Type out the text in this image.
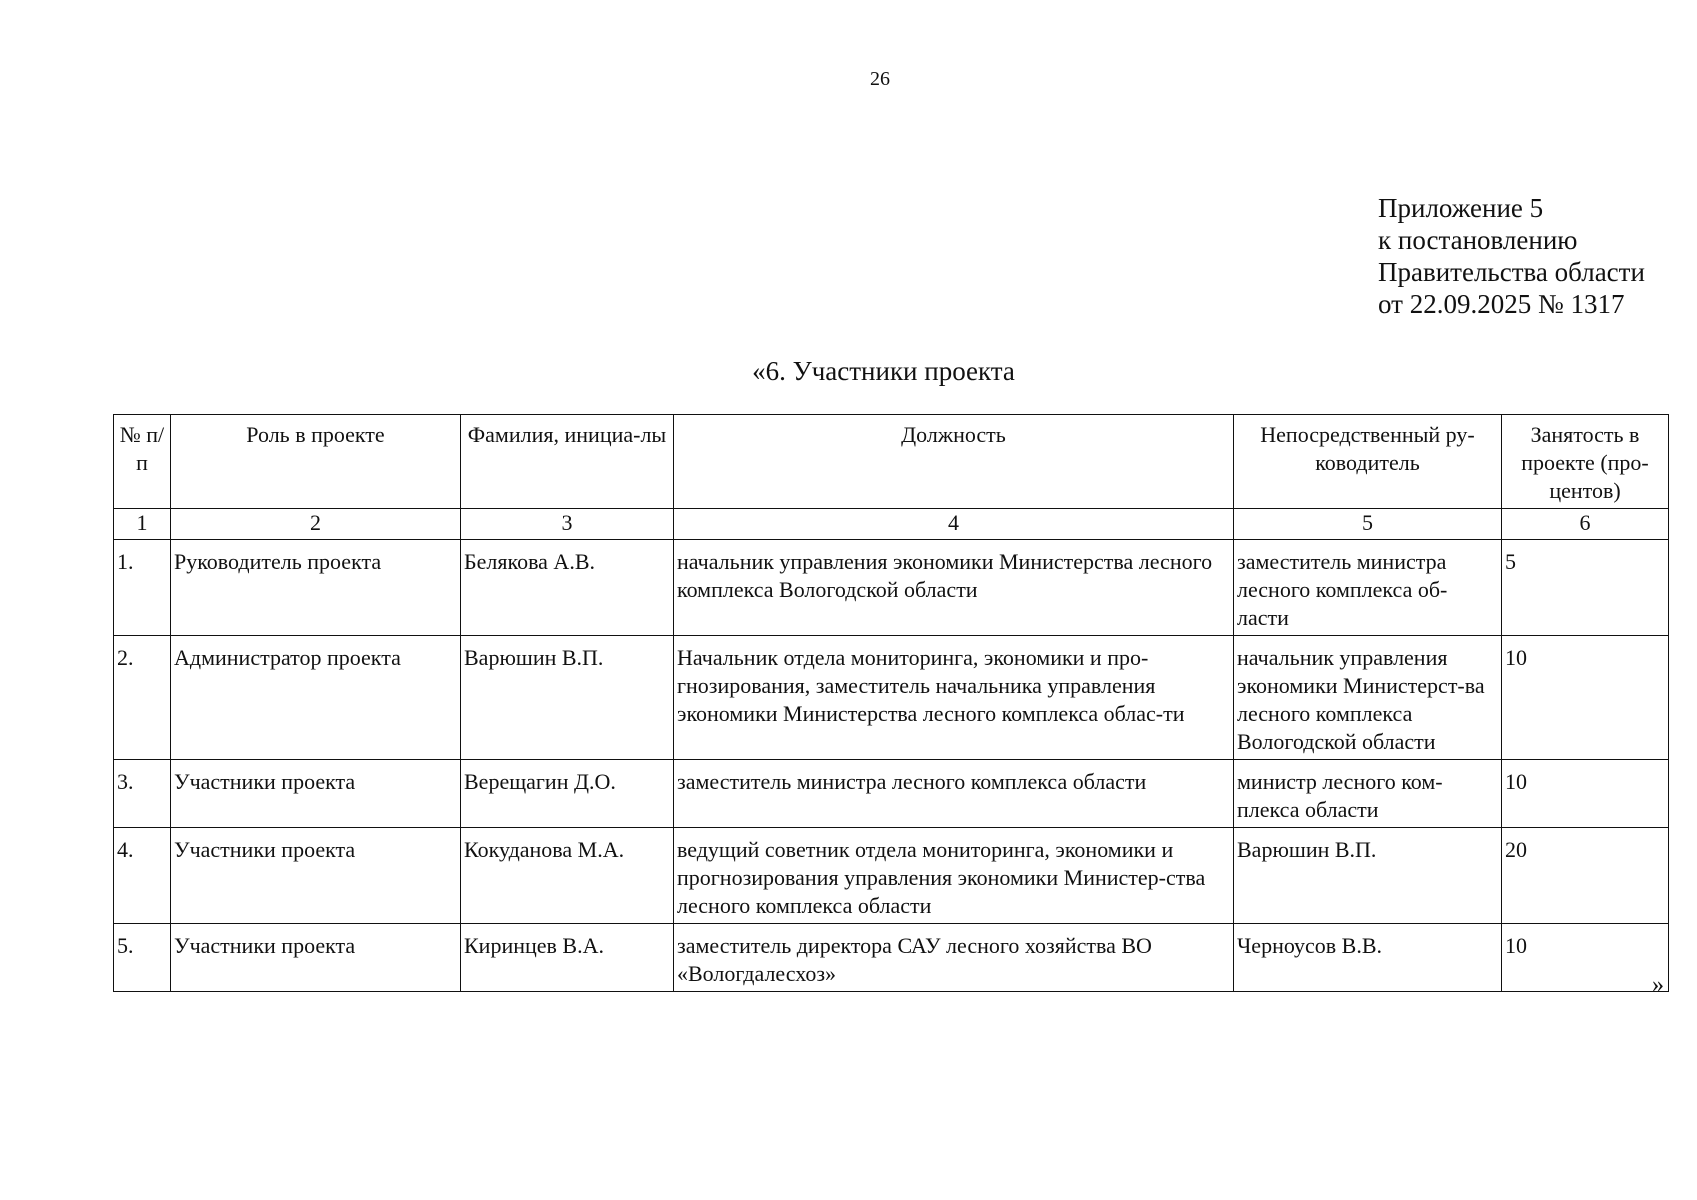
26
Приложение 5
к постановлению
Правительства области
от 22.09.2025 № 1317
«6. Участники проекта
№ п/п	Роль в проекте	Фамилия, инициа-лы	Должность	Непосредственный ру-ководитель	Занятость в проекте (про-центов)
1	2	3	4	5	6
1.	Руководитель проекта	Белякова А.В.	начальник управления экономики Министерства лесного комплекса Вологодской области	заместитель министра лесного комплекса об-ласти	5
2.	Администратор проекта	Варюшин В.П.	Начальник отдела мониторинга, экономики и про-гнозирования, заместитель начальника управления экономики Министерства лесного комплекса облас-ти	начальник управления экономики Министерст-ва лесного комплекса Вологодской области	10
3.	Участники проекта	Верещагин Д.О.	заместитель министра лесного комплекса области	министр лесного ком-плекса области	10
4.	Участники проекта	Кокуданова М.А.	ведущий советник отдела мониторинга, экономики и прогнозирования управления экономики Министер-ства лесного комплекса области	Варюшин В.П.	20
5.	Участники проекта	Киринцев В.А.	заместитель директора САУ лесного хозяйства ВО «Вологдалесхоз»	Черноусов В.В.	10
»
